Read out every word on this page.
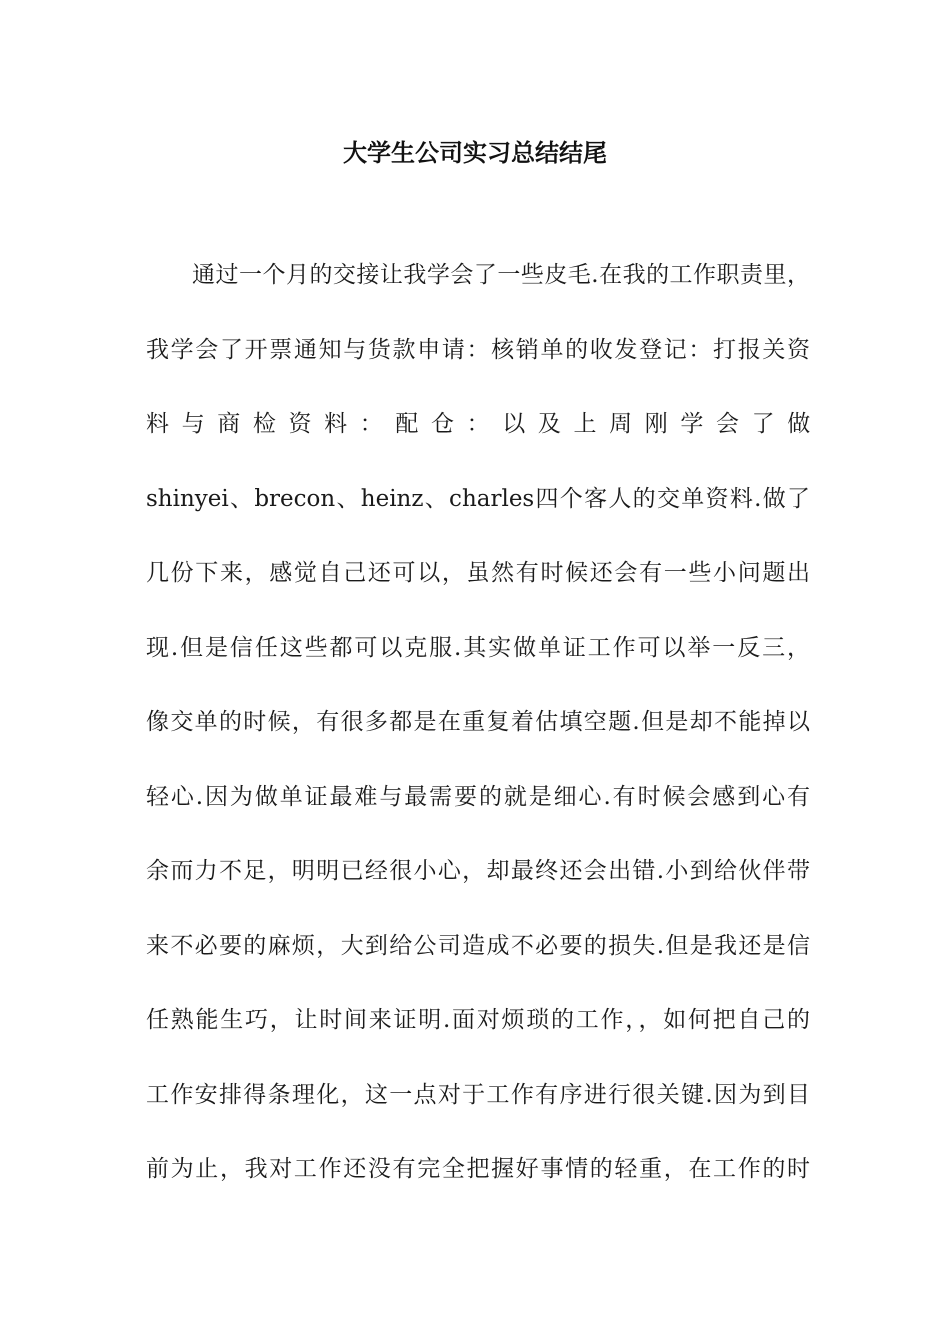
大学生公司实习总结结尾
通过一个月的交接让我学会了一些皮毛.在我的工作职责里，
我学会了开票通知与货款申请：核销单的收发登记：打报关资
料 与 商 检 资 料 ： 配 仓 ： 以 及 上 周 刚 学 会 了 做
shinyei、brecon、heinz、charles四个客人的交单资料.做了
几份下来，感觉自己还可以，虽然有时候还会有一些小问题出
现.但是信任这些都可以克服.其实做单证工作可以举一反三，
像交单的时候，有很多都是在重复着估填空题.但是却不能掉以
轻心.因为做单证最难与最需要的就是细心.有时候会感到心有
余而力不足，明明已经很小心，却最终还会出错.小到给伙伴带
来不必要的麻烦，大到给公司造成不必要的损失.但是我还是信
任熟能生巧，让时间来证明.面对烦琐的工作，，如何把自己的
工作安排得条理化，这一点对于工作有序进行很关键.因为到目
前为止，我对工作还没有完全把握好事情的轻重，在工作的时
